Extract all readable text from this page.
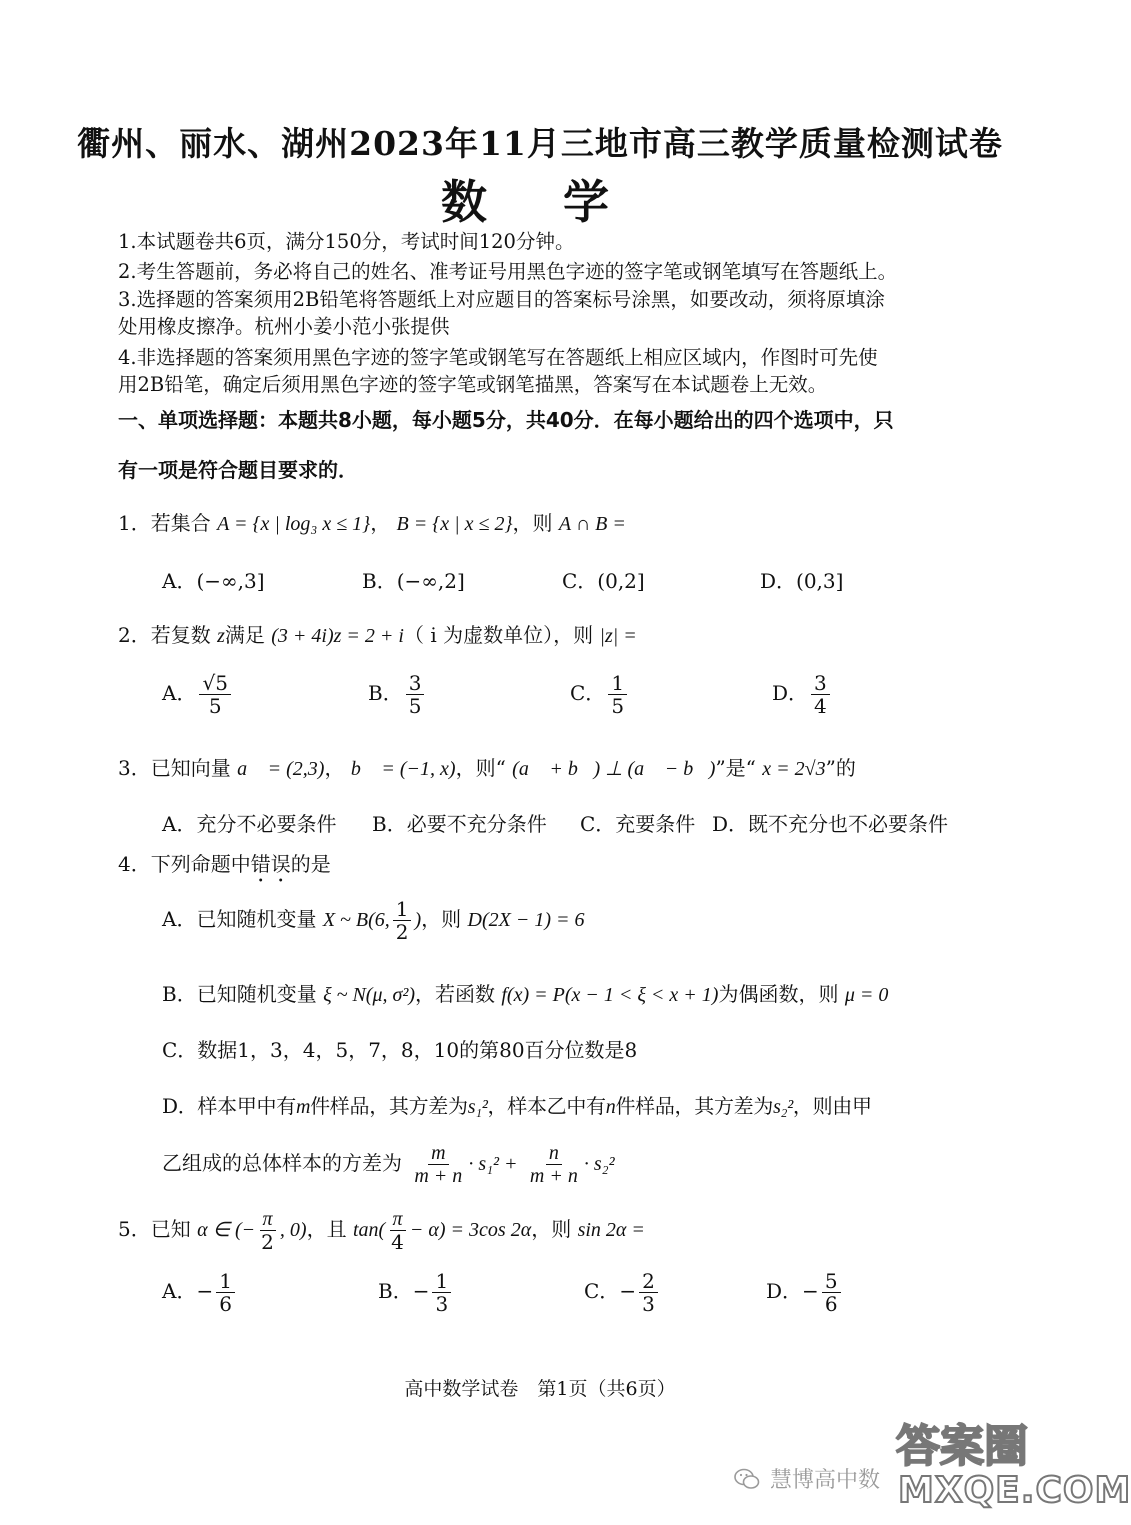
衢州、丽水、湖州2023年11月三地市高三教学质量检测试卷
数 学
1.本试题卷共6页，满分150分，考试时间120分钟。
2.考生答题前，务必将自己的姓名、准考证号用黑色字迹的签字笔或钢笔填写在答题纸上。
3.选择题的答案须用2B铅笔将答题纸上对应题目的答案标号涂黑，如要改动，须将原填涂
处用橡皮擦净。杭州小姜小范小张提供
4.非选择题的答案须用黑色字迹的签字笔或钢笔写在答题纸上相应区域内，作图时可先使
用2B铅笔，确定后须用黑色字迹的签字笔或钢笔描黑，答案写在本试题卷上无效。
一、单项选择题：本题共8小题，每小题5分，共40分．在每小题给出的四个选项中，只
有一项是符合题目要求的．
1．若集合 A = {x | log₃ x ≤ 1}， B = {x | x ≤ 2}，则 A ∩ B =
A．(−∞,3]	B．(−∞,2]	C．(0,2]	D．(0,3]
2．若复数 z满足 (3 + 4i)z = 2 + i（ i 为虚数单位），则 |z| =
A． $\frac{√5}{5}$	B． $\frac{3}{5}$	C． $\frac{1}{5}$	D． $\frac{3}{4}$
3．已知向量 a⃗ = (2,3)， b⃗ = (−1, x)，则“ (a⃗ + b⃗) ⊥ (a⃗ − b⃗)”是“ x = 2√3”的
A．充分不必要条件 B．必要不充分条件 C．充要条件 D．既不充分也不必要条件
4．下列命题中错误的是
A．已知随机变量 X ~ B(6, $\frac{1}{2}$ )，则 D(2X − 1) = 6
B．已知随机变量 ξ ~ N(μ, σ²)，若函数 f(x) = P(x − 1 < ξ < x + 1)为偶函数，则 μ = 0
C．数据1，3，4，5，7，8，10的第80百分位数是8
D．样本甲中有m件样品，其方差为s₁²，样本乙中有n件样品，其方差为s₂²，则由甲
乙组成的总体样本的方差为 $\frac{m}{m + n} \cdot s_1^2 + \frac{n}{m + n} \cdot s_2^2$
5．已知 α ∈ (− $\frac{\pi}{2}$ , 0)，且 $\tan( \frac{\pi}{4} - \alpha) = 3\cos$ 2α，则 sin 2α =
A．− $\frac{1}{6}$	B．− $\frac{1}{3}$	C．− $\frac{2}{3}$	D．− $\frac{5}{6}$
高中数学试卷　第1页（共6页）
慧博高中数
答案圈
MXQE.COM
